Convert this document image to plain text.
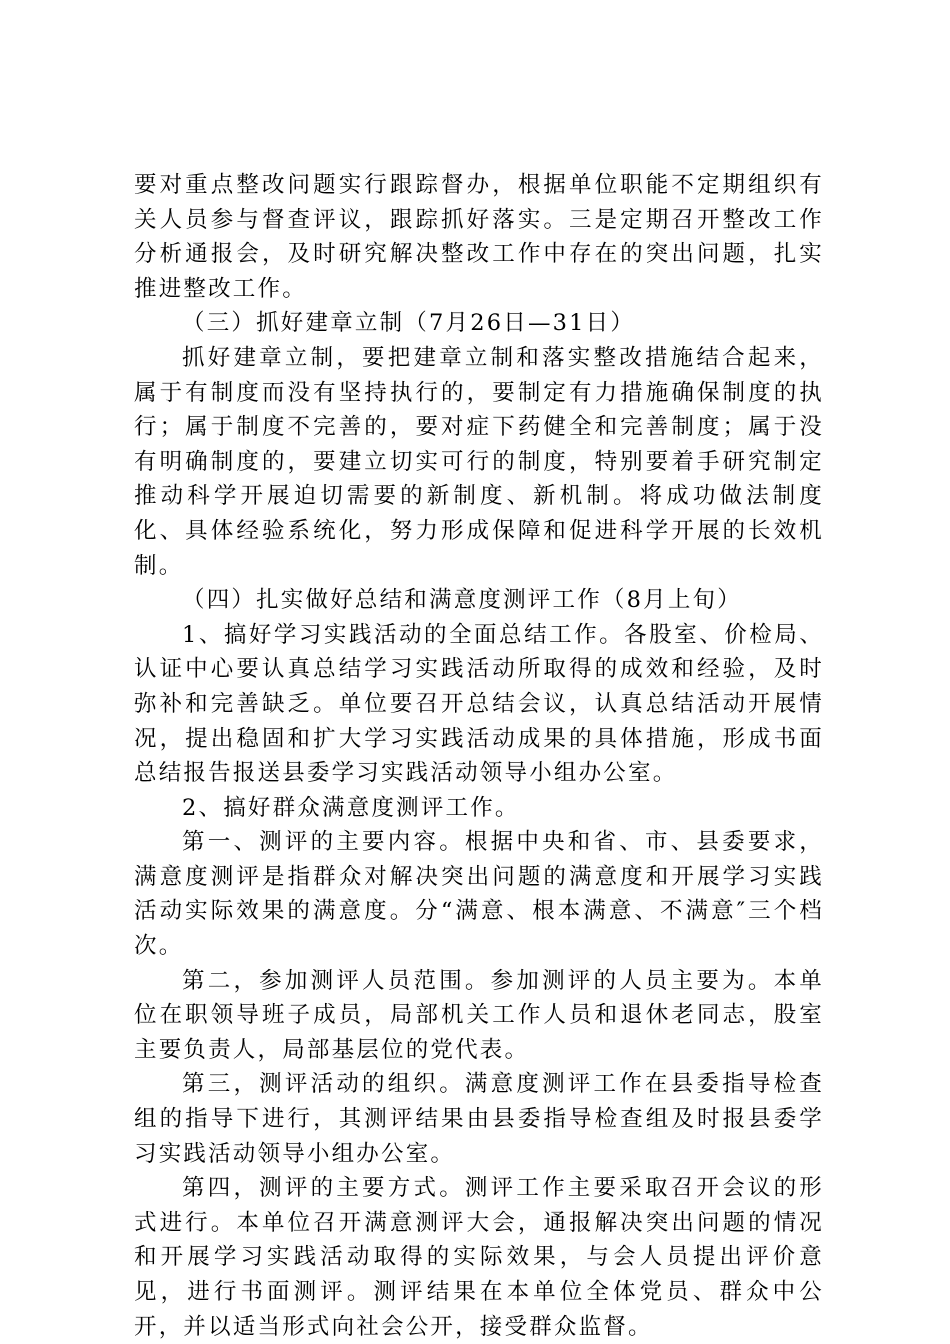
要对重点整改问题实行跟踪督办，根据单位职能不定期组织有关人员参与督查评议，跟踪抓好落实。三是定期召开整改工作分析通报会，及时研究解决整改工作中存在的突出问题，扎实推进整改工作。

（三）抓好建章立制（7月26日—31日）

抓好建章立制，要把建章立制和落实整改措施结合起来，属于有制度而没有坚持执行的，要制定有力措施确保制度的执行；属于制度不完善的，要对症下药健全和完善制度；属于没有明确制度的，要建立切实可行的制度，特别要着手研究制定推动科学开展迫切需要的新制度、新机制。将成功做法制度化、具体经验系统化，努力形成保障和促进科学开展的长效机制。

（四）扎实做好总结和满意度测评工作（8月上旬）

1、搞好学习实践活动的全面总结工作。各股室、价检局、认证中心要认真总结学习实践活动所取得的成效和经验，及时弥补和完善缺乏。单位要召开总结会议，认真总结活动开展情况，提出稳固和扩大学习实践活动成果的具体措施，形成书面总结报告报送县委学习实践活动领导小组办公室。

2、搞好群众满意度测评工作。

第一、测评的主要内容。根据中央和省、市、县委要求，满意度测评是指群众对解决突出问题的满意度和开展学习实践活动实际效果的满意度。分“满意、根本满意、不满意″三个档次。

第二，参加测评人员范围。参加测评的人员主要为。本单位在职领导班子成员，局部机关工作人员和退休老同志，股室主要负责人，局部基层位的党代表。

第三，测评活动的组织。满意度测评工作在县委指导检查组的指导下进行，其测评结果由县委指导检查组及时报县委学习实践活动领导小组办公室。

第四，测评的主要方式。测评工作主要采取召开会议的形式进行。本单位召开满意测评大会，通报解决突出问题的情况和开展学习实践活动取得的实际效果，与会人员提出评价意见，进行书面测评。测评结果在本单位全体党员、群众中公开，并以适当形式向社会公开，接受群众监督。
